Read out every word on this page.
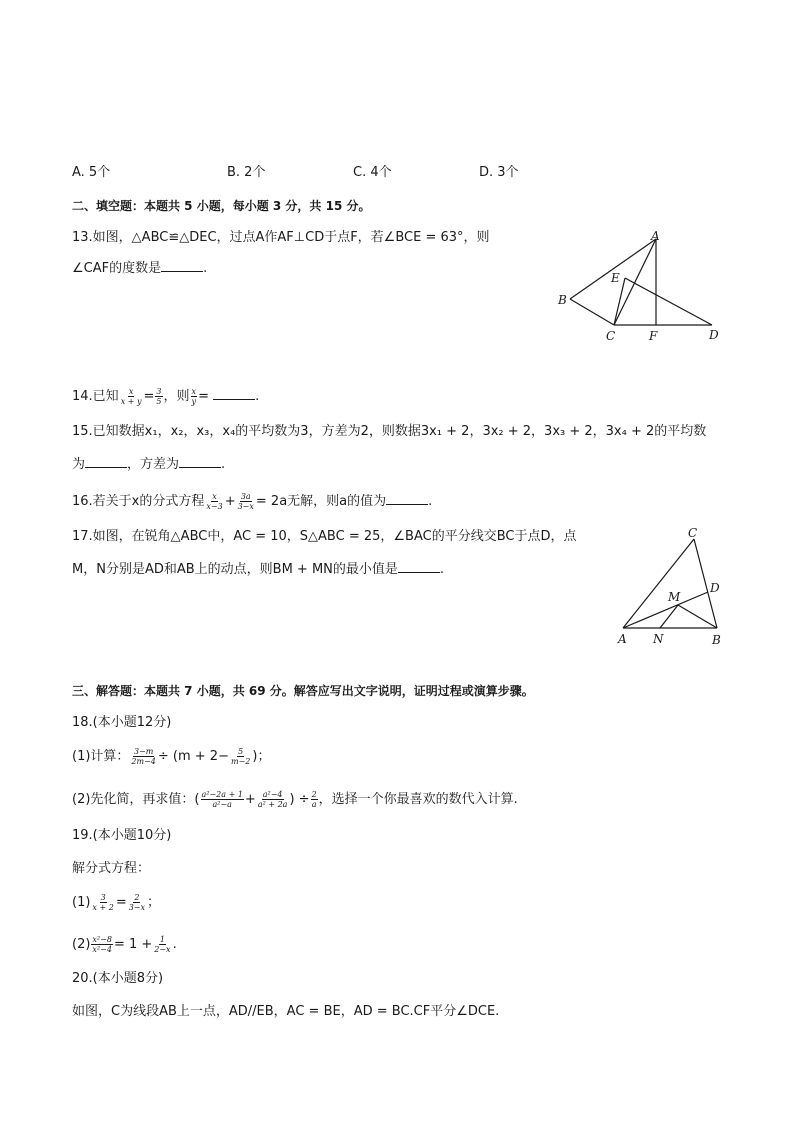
A. 5个	B. 2个	C. 4个	D. 3个
二、填空题：本题共 5 小题，每小题 3 分，共 15 分。
13.如图，△ABC≌△DEC，过点A作AF⊥CD于点F，若∠BCE = 63°，则
∠CAF的度数是	.
A
B
C	D
E
F
14.已知 $\frac{x}{x + y} = \frac{3}{5}$ ，则 $\frac{x}{y}$ =	.
15.已知数据x₁，x₂，x₃，x₄的平均数为3，方差为2，则数据3x₁ + 2，3x₂ + 2，3x₃ + 2，3x₄ + 2的平均数
为	，方差为	.
16.若关于x的分式方程 $\frac{x}{x-3} + \frac{3a}{3-x} = 2a$无解，则a的值为	.
17.如图，在锐角△ABC中，AC = 10，S△ABC = 25，∠BAC的平分线交BC于点D，点
M，N分别是AD和AB上的动点，则BM + MN的最小值是	.
A	B
C
D
M
N
三、解答题：本题共 7 小题，共 69 分。解答应写出文字说明，证明过程或演算步骤。
18.(本小题12分)
(1)计算： $\frac{3-m}{2m-4} \div (m + 2- \frac{5}{m-2}$ )；
(2)先化简，再求值：( $\frac{\text{a²−2a + 1}}{\text{a²−a}} + \frac{\text{a²−4}}{\text{a² + 2a}}$ ) ÷ $\frac{2}{a}$ ，选择一个你最喜欢的数代入计算.
19.(本小题10分)
解分式方程：
$(1) \frac{3}{x + 2} = \frac{2}{3-x}$ ；
$(2) \frac{\text{x²−8}}{\text{x²−4}} = 1 + \frac{1}{2-x}$ .
20.(本小题8分)
如图，C为线段AB上一点，AD//EB，AC = BE，AD = BC.CF平分∠DCE.
